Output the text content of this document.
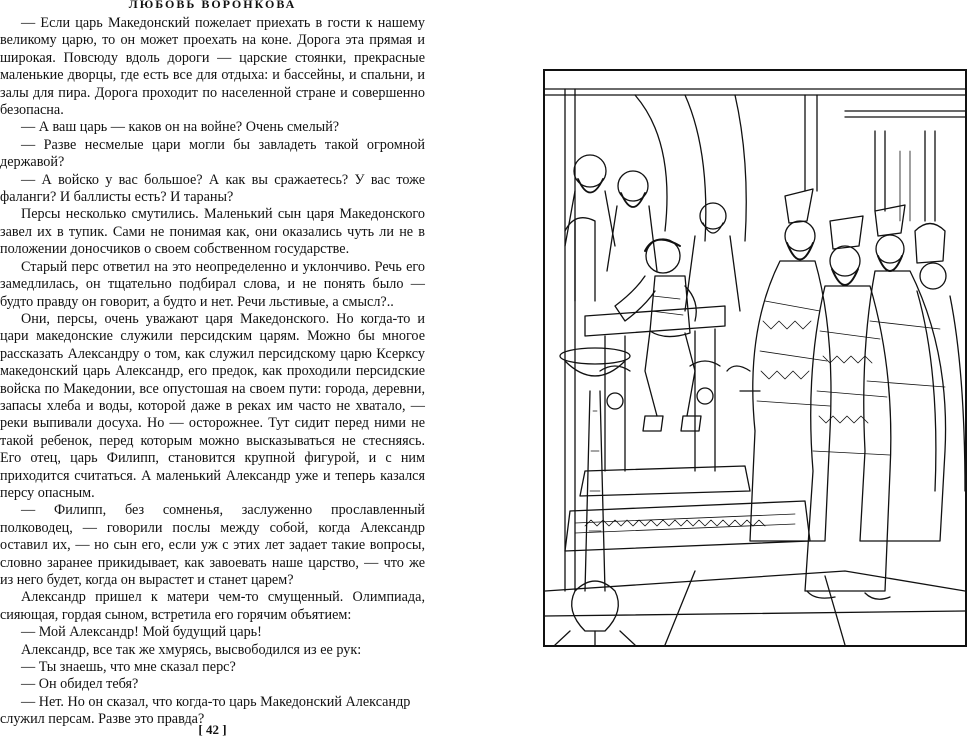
ЛЮБОВЬ ВОРОНКОВА

— Если царь Македонский пожелает приехать в гости к нашему великому царю, то он может проехать на коне. Дорога эта прямая и широкая. Повсюду вдоль дороги — царские стоянки, прекрасные маленькие дворцы, где есть все для отдыха: и бассейны, и спальни, и залы для пира. Дорога проходит по населенной стране и совершенно безопасна.

— А ваш царь — каков он на войне? Очень смелый?

— Разве несмелые цари могли бы завладеть такой огромной державой?

— А войско у вас большое? А как вы сражаетесь? У вас тоже фаланги? И баллисты есть? И тараны?

Персы несколько смутились. Маленький сын царя Македонского завел их в тупик. Сами не понимая как, они оказались чуть ли не в положении доносчиков о своем собственном государстве.

Старый перс ответил на это неопределенно и уклончиво. Речь его замедлилась, он тщательно подбирал слова, и не понять было — будто правду он говорит, а будто и нет. Речи льстивые, а смысл?..

Они, персы, очень уважают царя Македонского. Но когда-то и цари македонские служили персидским царям. Можно бы многое рассказать Александру о том, как служил персидскому царю Ксерксу македонский царь Александр, его предок, как проходили персидские войска по Македонии, все опустошая на своем пути: города, деревни, запасы хлеба и воды, которой даже в реках им часто не хватало, — реки выпивали досуха. Но — осторожнее. Тут сидит перед ними не такой ребенок, перед которым можно высказываться не стесняясь. Его отец, царь Филипп, становится крупной фигурой, и с ним приходится считаться. А маленький Александр уже и теперь казался персу опасным.

— Филипп, без сомненья, заслуженно прославленный полководец, — говорили послы между собой, когда Александр оставил их, — но сын его, если уж с этих лет задает такие вопросы, словно заранее прикидывает, как завоевать наше царство, — что же из него будет, когда он вырастет и станет царем?

Александр пришел к матери чем-то смущенный. Олимпиада, сияющая, гордая сыном, встретила его горячим объятием:

— Мой Александр! Мой будущий царь!

Александр, все так же хмурясь, высвободился из ее рук:

— Ты знаешь, что мне сказал перс?

— Он обидел тебя?

— Нет. Но он сказал, что когда-то царь Македонский Александр служил персам. Разве это правда?

[ 42 ]
